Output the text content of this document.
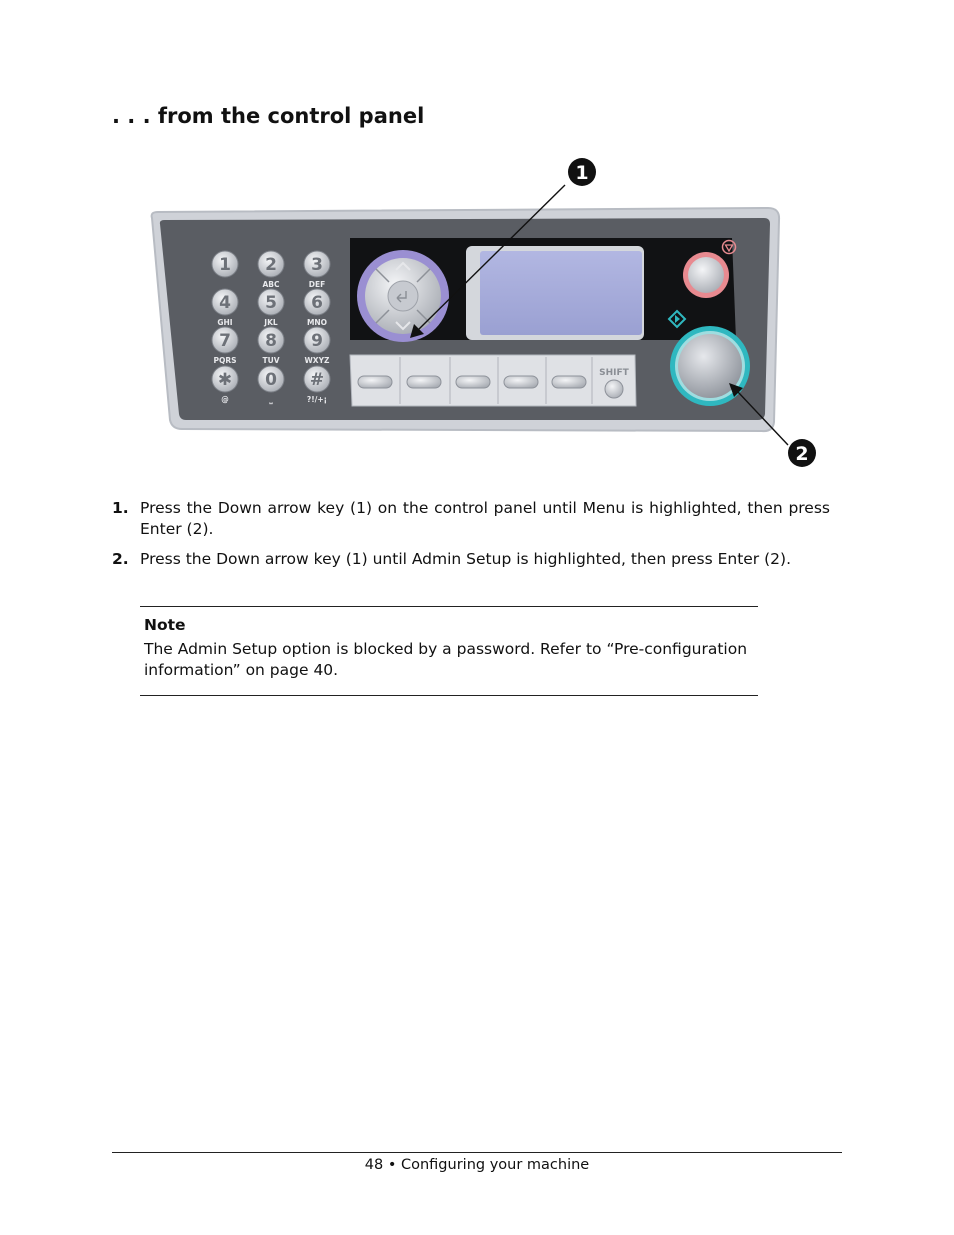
. . . from the control panel
SHIFT
1 2
ABC
3
DEF
4
GHI
5
JKL
6
MNO
7
PQRS
8
TUV
9
WXYZ
✱
@
0
⎵
#
?!/+¡
1
2
1. Press the Down arrow key (1) on the control panel until Menu is highlighted, then press Enter (2).
2. Press the Down arrow key (1) until Admin Setup is highlighted, then press Enter (2).
Note
The Admin Setup option is blocked by a password. Refer to “Pre-configuration information” on page 40.
48 • Configuring your machine
